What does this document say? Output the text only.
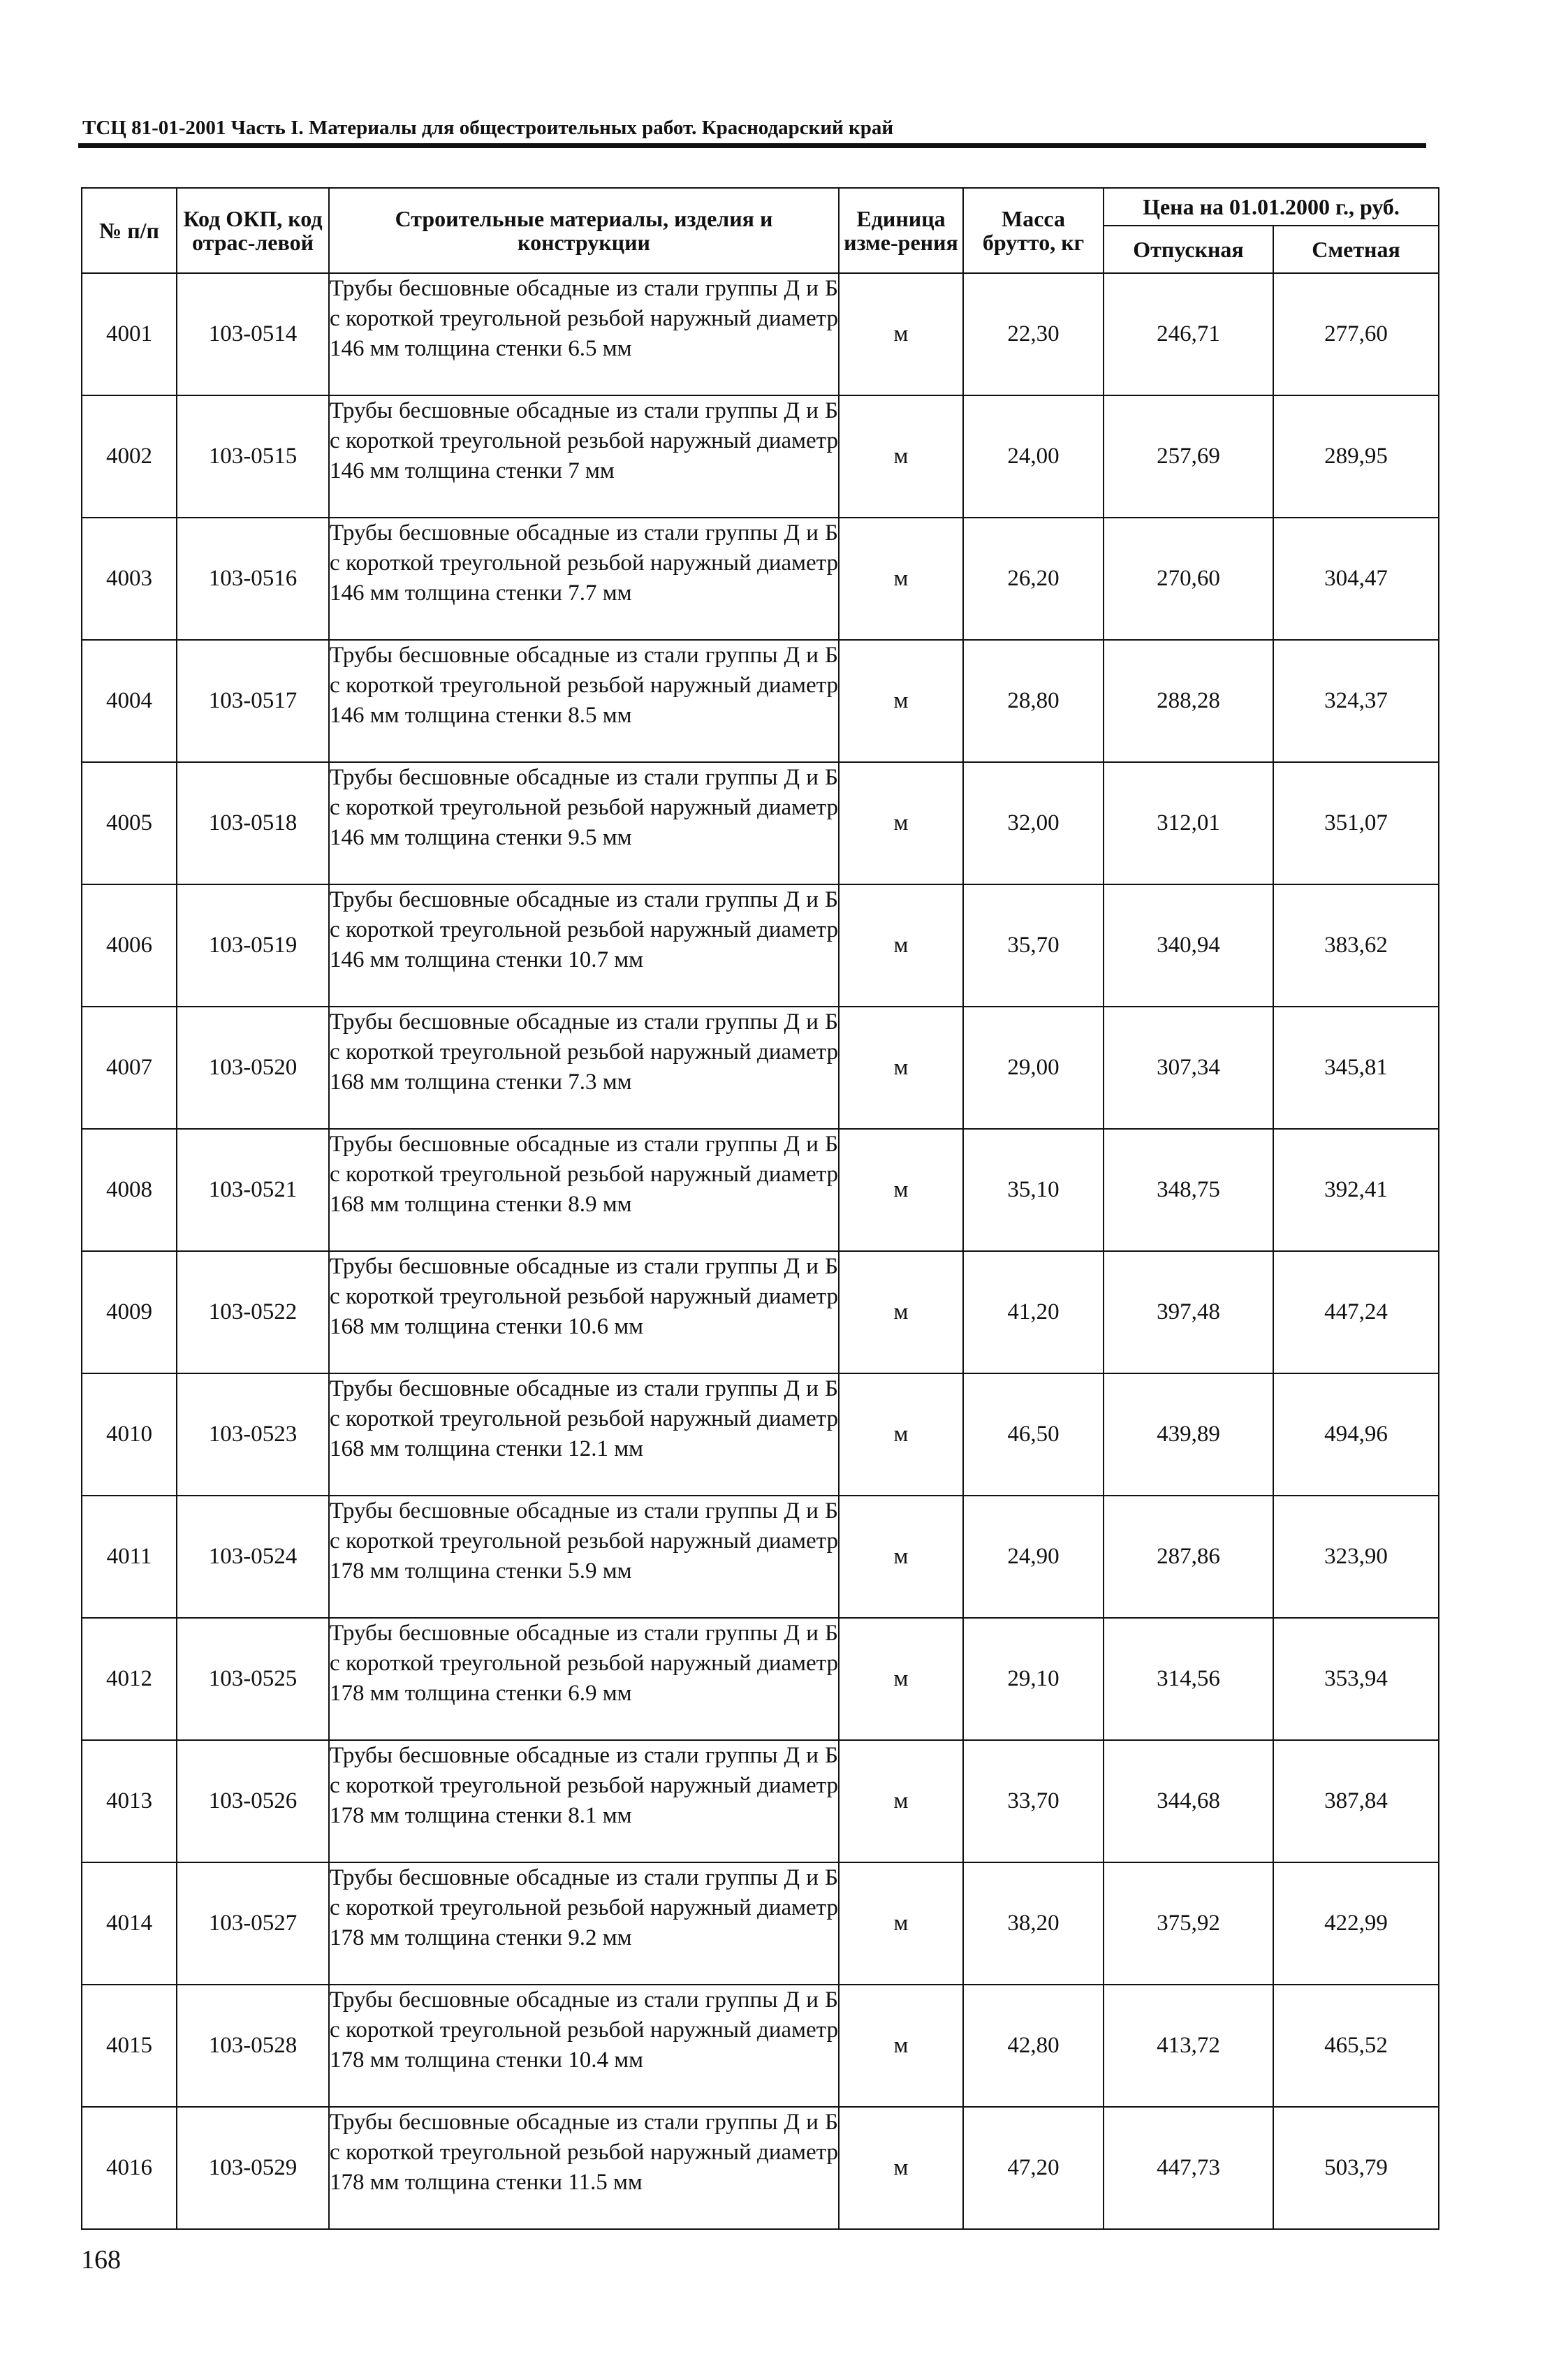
ТСЦ 81-01-2001 Часть I. Материалы для общестроительных работ. Краснодарский край
№ п/п	Код ОКП, код отрас-левой	Строительные материалы, изделия и конструкции	Единица изме-рения	Масса брутто, кг	Цена на 01.01.2000 г., руб.	
					Отпускная	Сметная
4001	103-0514	Трубы бесшовные обсадные из стали группы Д и Б с короткой треугольной резьбой наружный диаметр 146 мм толщина стенки 6.5 мм	м	22,30	246,71	277,60
4002	103-0515	Трубы бесшовные обсадные из стали группы Д и Б с короткой треугольной резьбой наружный диаметр 146 мм толщина стенки 7 мм	м	24,00	257,69	289,95
4003	103-0516	Трубы бесшовные обсадные из стали группы Д и Б с короткой треугольной резьбой наружный диаметр 146 мм толщина стенки 7.7 мм	м	26,20	270,60	304,47
4004	103-0517	Трубы бесшовные обсадные из стали группы Д и Б с короткой треугольной резьбой наружный диаметр 146 мм толщина стенки 8.5 мм	м	28,80	288,28	324,37
4005	103-0518	Трубы бесшовные обсадные из стали группы Д и Б с короткой треугольной резьбой наружный диаметр 146 мм толщина стенки 9.5 мм	м	32,00	312,01	351,07
4006	103-0519	Трубы бесшовные обсадные из стали группы Д и Б с короткой треугольной резьбой наружный диаметр 146 мм толщина стенки 10.7 мм	м	35,70	340,94	383,62
4007	103-0520	Трубы бесшовные обсадные из стали группы Д и Б с короткой треугольной резьбой наружный диаметр 168 мм толщина стенки 7.3 мм	м	29,00	307,34	345,81
4008	103-0521	Трубы бесшовные обсадные из стали группы Д и Б с короткой треугольной резьбой наружный диаметр 168 мм толщина стенки 8.9 мм	м	35,10	348,75	392,41
4009	103-0522	Трубы бесшовные обсадные из стали группы Д и Б с короткой треугольной резьбой наружный диаметр 168 мм толщина стенки 10.6 мм	м	41,20	397,48	447,24
4010	103-0523	Трубы бесшовные обсадные из стали группы Д и Б с короткой треугольной резьбой наружный диаметр 168 мм толщина стенки 12.1 мм	м	46,50	439,89	494,96
4011	103-0524	Трубы бесшовные обсадные из стали группы Д и Б с короткой треугольной резьбой наружный диаметр 178 мм толщина стенки 5.9 мм	м	24,90	287,86	323,90
4012	103-0525	Трубы бесшовные обсадные из стали группы Д и Б с короткой треугольной резьбой наружный диаметр 178 мм толщина стенки 6.9 мм	м	29,10	314,56	353,94
4013	103-0526	Трубы бесшовные обсадные из стали группы Д и Б с короткой треугольной резьбой наружный диаметр 178 мм толщина стенки 8.1 мм	м	33,70	344,68	387,84
4014	103-0527	Трубы бесшовные обсадные из стали группы Д и Б с короткой треугольной резьбой наружный диаметр 178 мм толщина стенки 9.2 мм	м	38,20	375,92	422,99
4015	103-0528	Трубы бесшовные обсадные из стали группы Д и Б с короткой треугольной резьбой наружный диаметр 178 мм толщина стенки 10.4 мм	м	42,80	413,72	465,52
4016	103-0529	Трубы бесшовные обсадные из стали группы Д и Б с короткой треугольной резьбой наружный диаметр 178 мм толщина стенки 11.5 мм	м	47,20	447,73	503,79
168
